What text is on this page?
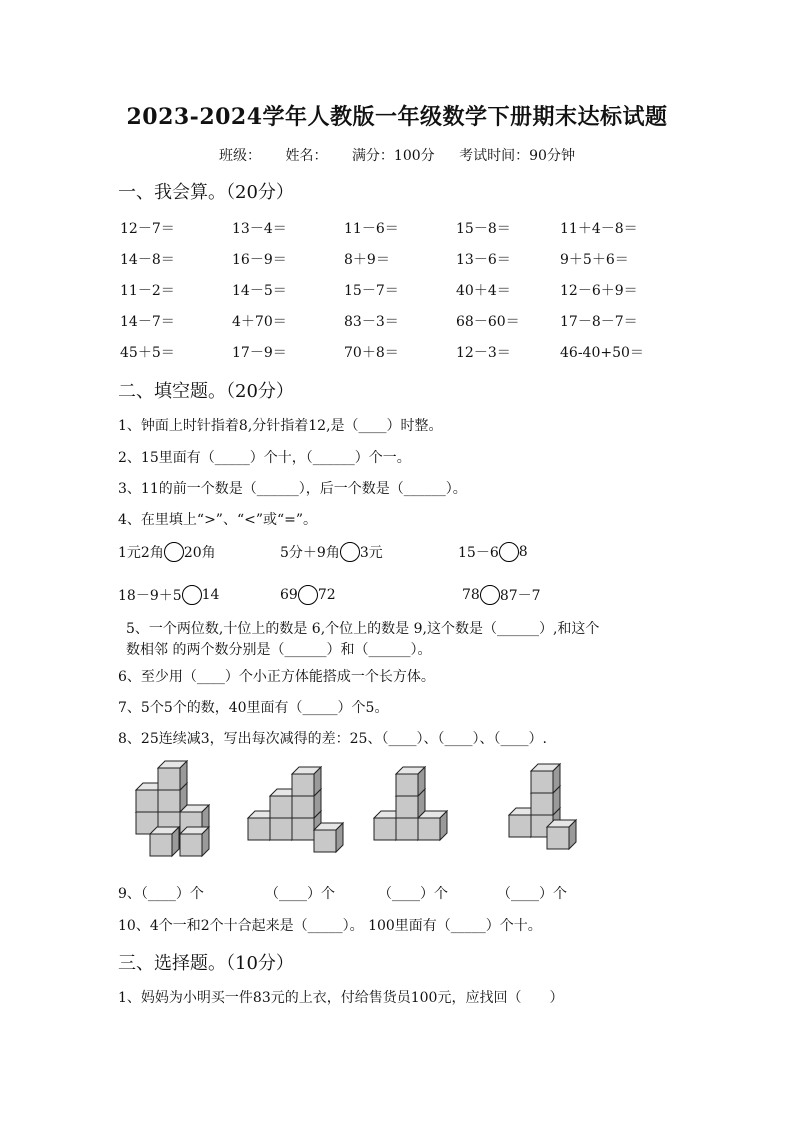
2023-2024学年人教版一年级数学下册期末达标试题
班级： 姓名： 满分：100分 考试时间：90分钟
一、我会算。（20分）
12－7＝	13－4＝	11－6＝	15－8＝	11＋4－8＝
14－8＝	16－9＝	8＋9＝	13－6＝	9＋5＋6＝
11－2＝	14－5＝	15－7＝	40＋4＝	12－6＋9＝
14－7＝	4＋70＝	83－3＝	68－60＝	17－8－7＝
45＋5＝	17－9＝	70＋8＝	12－3＝	46-40+50＝
二、填空题。（20分）
1、钟面上时针指着8,分针指着12,是（____）时整。
2、15里面有（_____）个十，（______）个一。
3、11的前一个数是（______），后一个数是（______）。
4、在里填上“>”、“<”或“=”。
1元2角 20角	5分＋9角 3元	15－6 8
18－9＋5 14	69 72	78 87－7
5、一个两位数,十位上的数是 6,个位上的数是 9,这个数是（______）,和这个
数相邻 的两个数分别是（______）和（______）。
6、至少用（____）个小正方体能搭成一个长方体。
7、5个5个的数，40里面有（_____）个5。
8、25连续减3，写出每次减得的差：25、（____）、（____）、（____）.
9、（____）个	（____）个	（____）个	（____）个
10、4个一和2个十合起来是（_____）。 100里面有（_____）个十。
三、选择题。（10分）
1、妈妈为小明买一件83元的上衣，付给售货员100元，应找回（　　）
